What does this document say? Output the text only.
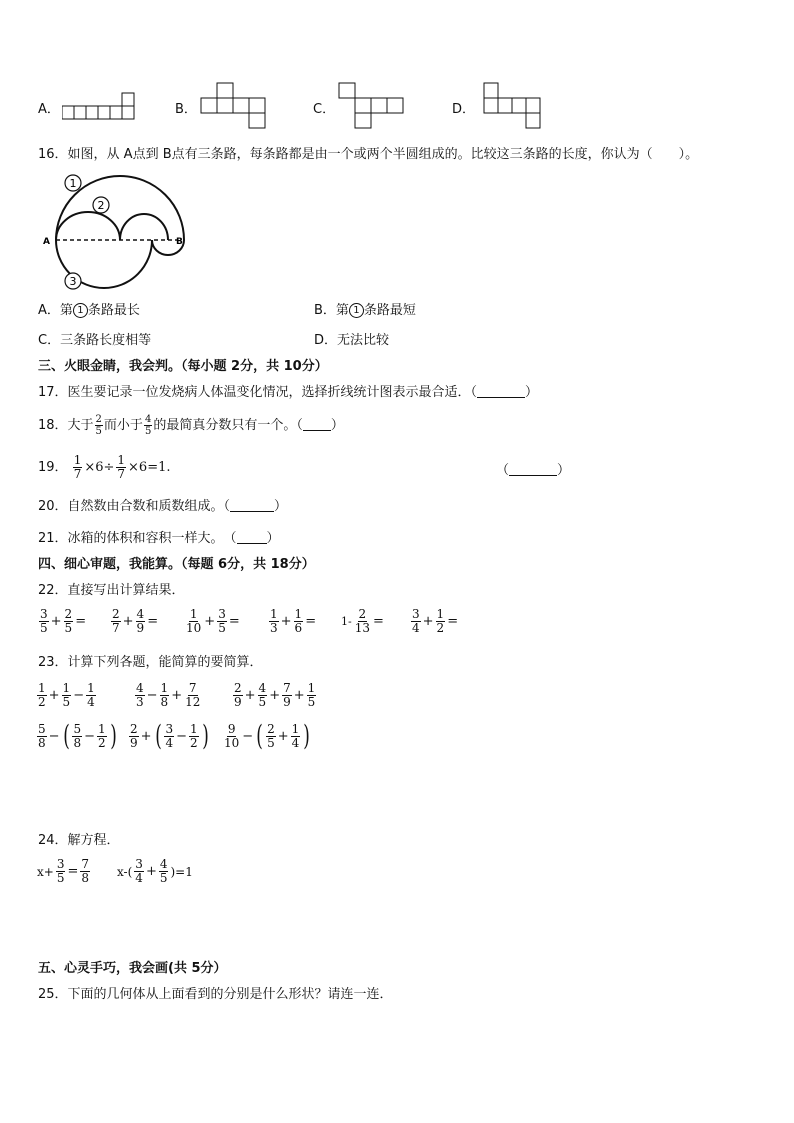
A．	B．	C．	D．
16．如图，从 A点到 B点有三条路，每条路都是由一个或两个半圆组成的。比较这三条路的长度，你认为（　　）。
1
2
3
A	B
A．第 1 条路最长	B．第 1 条路最短
C．三条路长度相等	D．无法比较
三、火眼金睛，我会判。（每小题 2分，共 10分）
17．医生要记录一位发烧病人体温变化情况，选择折线统计图表示最合适．（	）
18．大于 $\frac{2}{5}$ 而小于 $\frac{4}{5}$ 的最简真分数只有一个。（ ）
19． $\frac{1}{7} \times 6\div \frac{1}{7} \times 6=1$.	（	）
20．自然数由合数和质数组成。（	）
21．冰箱的体积和容积一样大。　（ ）
四、细心审题，我能算。（每题 6分，共 18分）
22．直接写出计算结果．
$\frac{3}{5} + \frac{2}{5} = \frac{2}{7} + \frac{4}{9} = \frac{1}{10} + \frac{3}{5} = \frac{1}{3} + \frac{1}{6} = 1- \frac{2}{13} = \frac{3}{4} + \frac{1}{2}$ =
23．计算下列各题，能简算的要简算．
$\frac{1}{2} + \frac{1}{5} - \frac{1}{4}$	$\frac{4}{3} - \frac{1}{8} + \frac{7}{12}$	$\frac{2}{9} + \frac{4}{5} + \frac{7}{9} + \frac{1}{5}$
$\frac{5}{8}$ − ( $\frac{5}{8} - \frac{1}{2}$ ) $\frac{2}{9}$ + ( $\frac{3}{4} - \frac{1}{2}$ ) $\frac{9}{10}$ − ( $\frac{2}{5} + \frac{1}{4}$ )
24．解方程．
$x+ \frac{3}{5} = \frac{7}{8} x-( \frac{3}{4} + \frac{4}{5} )=1$
五、心灵手巧，我会画(共 5分）
25．下面的几何体从上面看到的分别是什么形状？请连一连．
